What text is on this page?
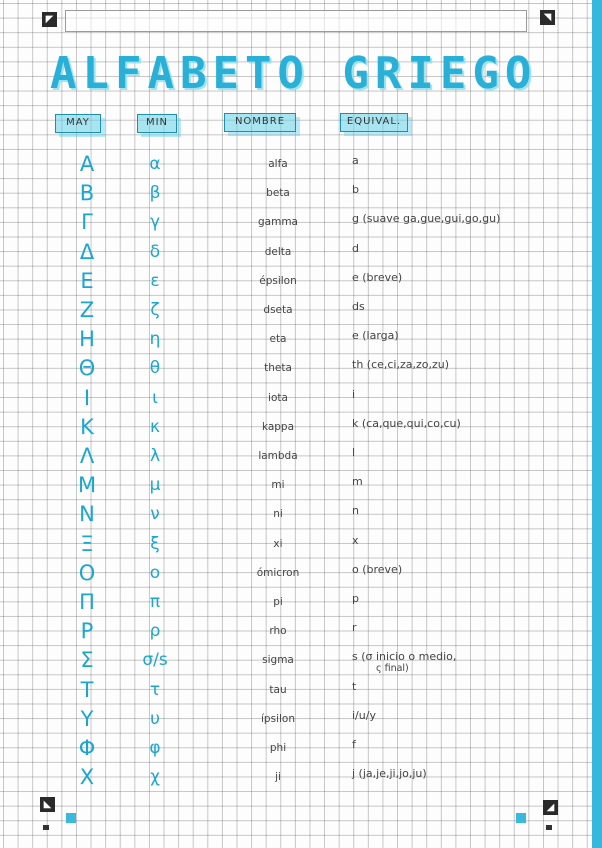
◤	◥
◣	◢
ALFABETO GRIEGO
MAY	MIN	NOMBRE	EQUIVAL.
Α	α	alfa	a
Β	β	beta	b
Γ	γ	gamma	g (suave ga,gue,gui,go,gu)
Δ	δ	delta	d
Ε	ε	épsilon	e (breve)
Ζ	ζ	dseta	ds
Η	η	eta	e (larga)
Θ	θ	theta	th (ce,ci,za,zo,zu)
Ι	ι	iota	i
Κ	κ	kappa	k (ca,que,qui,co,cu)
Λ	λ	lambda	l
Μ	μ	mi	m
Ν	ν	ni	n
Ξ	ξ	xi	x
Ο	ο	ómicron	o (breve)
Π	π	pi	p
Ρ	ρ	rho	r
Σ	σ/s	sigma	s (σ inicio o medio,
ς final)
Τ	τ	tau	t
Υ	υ	ípsilon	i/u/y
Φ	φ	phi	f
Χ	χ	ji	j (ja,je,ji,jo,ju)
